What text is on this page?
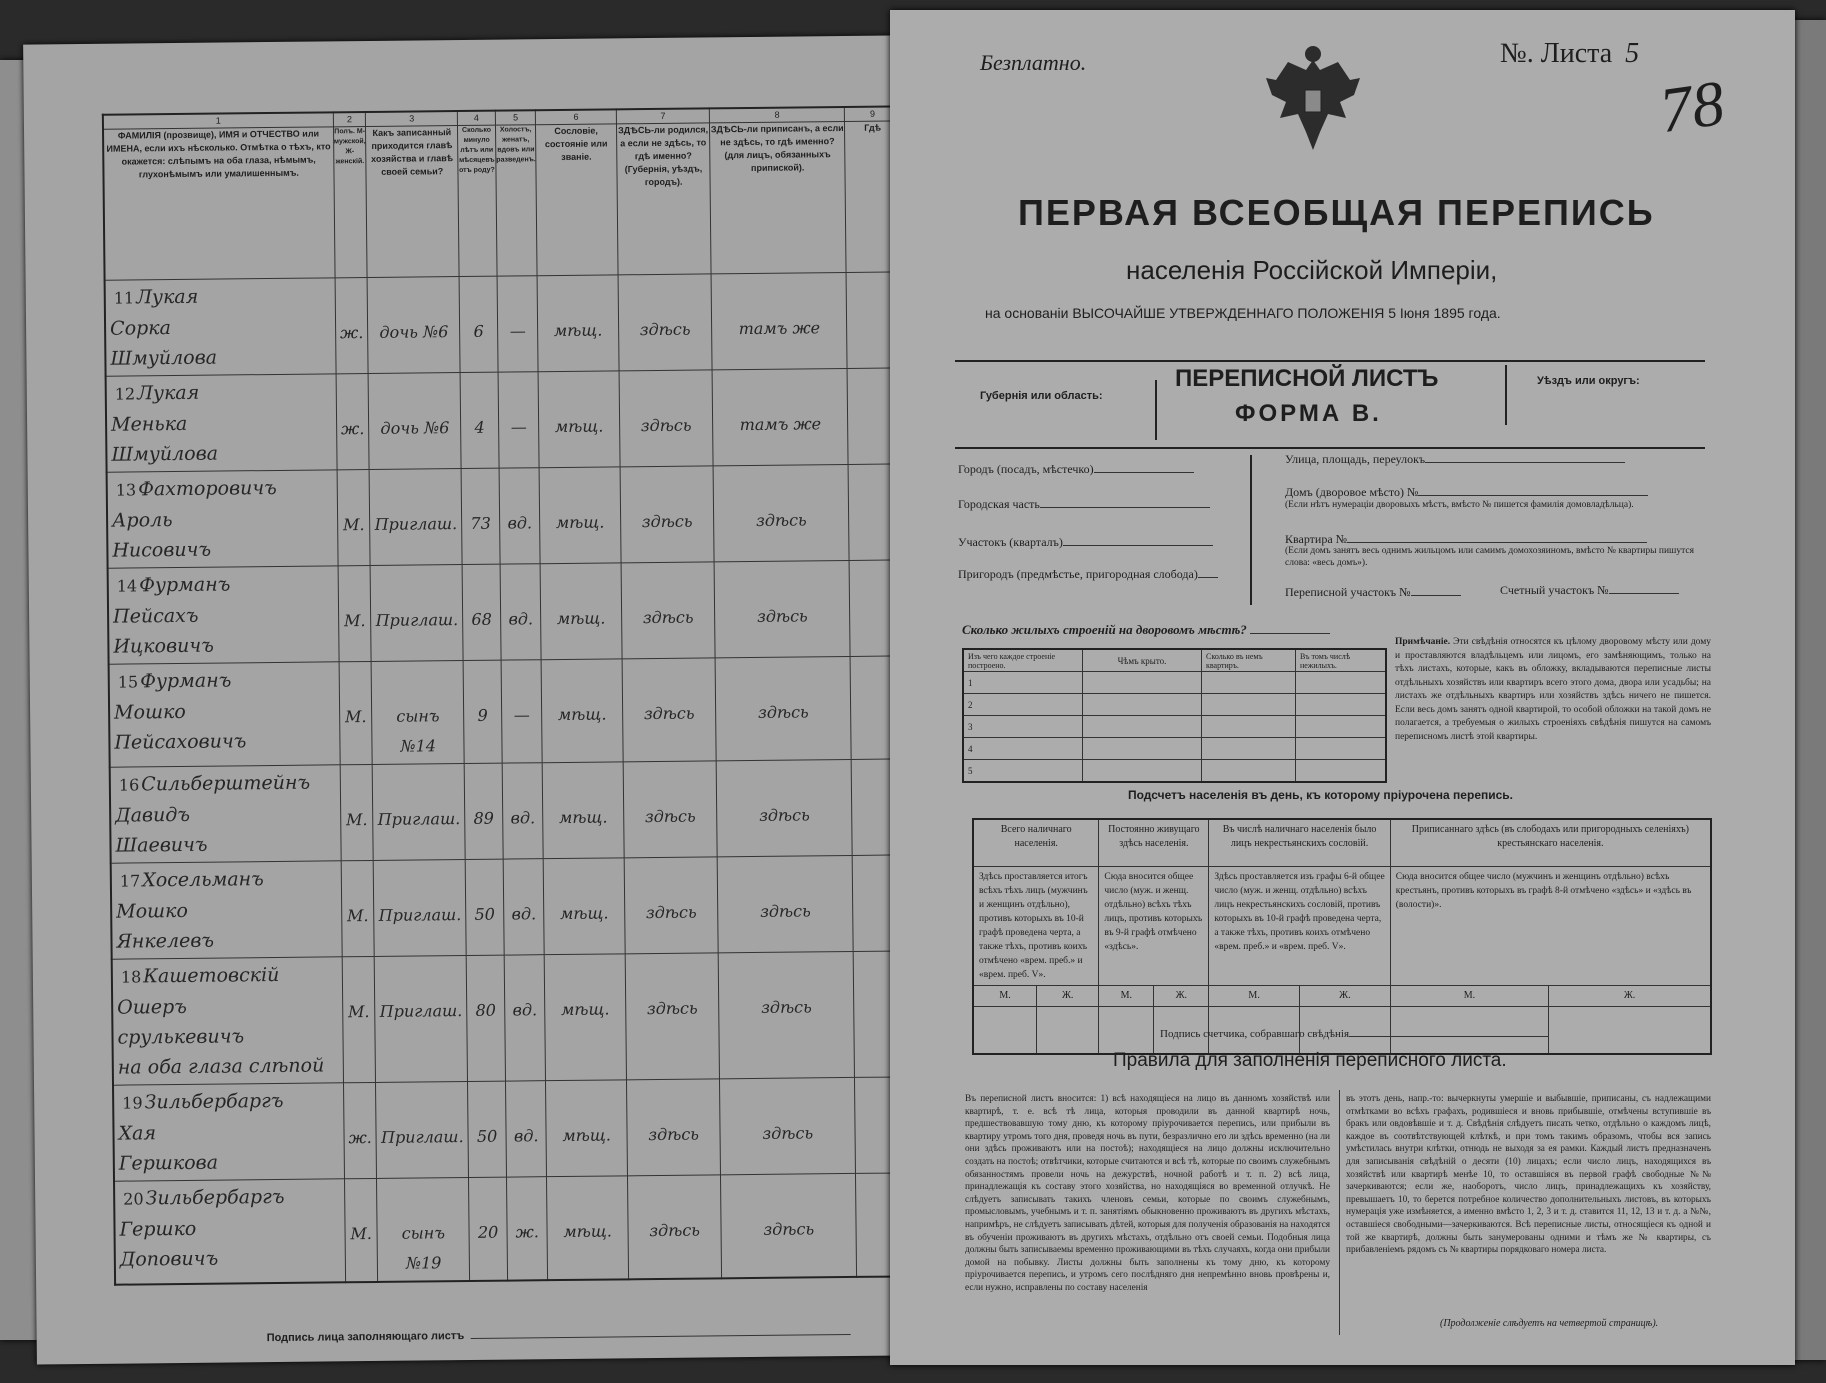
1	2	3	4	5	6	7	8	9
ФАМИЛІЯ (прозвище), ИМЯ и ОТЧЕСТВО или ИМЕНА, если ихъ нѣсколько. Отмѣтка о тѣхъ, кто окажется: слѣпымъ на оба глаза, нѣмымъ, глухонѣмымъ или умалишеннымъ.	Полъ. М-мужской, Ж-женскій.	Какъ записанный приходится главѣ хозяйства и главѣ своей семьи?	Сколько минуло лѣтъ или мѣсяцевъ отъ роду?	Холостъ, женатъ, вдовъ или разведенъ.	Сословіе, состояніе или званіе.	ЗДѢСЬ-ли родился, а если не здѣсь, то гдѣ именно? (Губернія, уѣздъ, городъ).	ЗДѢСЬ-ли приписанъ, а если не здѣсь, то гдѣ именно? (для лицъ, обязанныхъ припиской).	Гдѣ

11Лукая
Сорка
Шмуйлова	ж.	дочь №6	6	—	мѣщ.	здѣсь	тамъ же	

12Лукая
Менька
Шмуйлова	ж.	дочь №6	4	—	мѣщ.	здѣсь	тамъ же	

13Фахторовичъ
Ароль
Нисовичъ	М.	Приглаш.	73	вд.	мѣщ.	здѣсь	здѣсь	

14Фурманъ
Пейсахъ
Ицковичъ	М.	Приглаш.	68	вд.	мѣщ.	здѣсь	здѣсь	

15Фурманъ
Мошко
Пейсаховичъ	М.	сынъ №14	9	—	мѣщ.	здѣсь	здѣсь	

16Сильберштейнъ
Давидъ
Шаевичъ	М.	Приглаш.	89	вд.	мѣщ.	здѣсь	здѣсь	

17Хосельманъ
Мошко
Янкелевъ	М.	Приглаш.	50	вд.	мѣщ.	здѣсь	здѣсь	

18Кашетовскій
Ошеръ
срулькевичъ
на оба глаза слѣпой	М.	Приглаш.	80	вд.	мѣщ.	здѣсь	здѣсь	

19Зильбербаргъ
Хая
Гершкова	ж.	Приглаш.	50	вд.	мѣщ.	здѣсь	здѣсь	

20Зильбербаргъ
Гершко
Доповичъ	М.	сынъ №19	20	ж.	мѣщ.	здѣсь	здѣсь	

Подпись лица заполняющаго листъ
Безплатно.	№. Листа 5
78
ПЕРВАЯ ВСЕОБЩАЯ ПЕРЕПИСЬ
населенія Россійской Имперіи,
на основаніи ВЫСОЧАЙШЕ УТВЕРЖДЕННАГО ПОЛОЖЕНІЯ 5 Іюня 1895 года.
Губернія или область:
ПЕРЕПИСНОЙ ЛИСТЪ
ФОРМА В.
Уѣздъ или округъ:
Городъ (посадъ, мѣстечко)
Городская часть
Участокъ (кварталъ)
Пригородъ (предмѣстье, пригородная слобода)
Улица, площадь, переулокъ
Домъ (дворовое мѣсто) №
(Если нѣтъ нумераціи дворовыхъ мѣстъ, вмѣсто № пишется фамилія домовладѣльца).
Квартира №
(Если домъ занятъ весь однимъ жильцомъ или самимъ домохозяиномъ, вмѣсто № квартиры пишутся слова: «весь домъ»).
Переписной участокъ №	Счетный участокъ №
Сколько жилыхъ строеній на дворовомъ мѣстѣ?
Изъ чего каждое строеніе построено.	Чѣмъ крыто.	Сколько въ немъ квартиръ.	Въ томъ числѣ нежилыхъ.
1			
2			
3			
4			
5			
Примѣчаніе. Эти свѣдѣнія относятся къ цѣлому дворовому мѣсту или дому и проставляются владѣльцемъ или лицомъ, его замѣняющимъ, только на тѣхъ листахъ, которые, какъ въ обложку, вкладываются переписные листы отдѣльныхъ хозяйствъ или квартиръ всего этого дома, двора или усадьбы; на листахъ же отдѣльныхъ квартиръ или хозяйствъ здѣсь ничего не пишется. Если весь домъ занятъ одной квартирой, то особой обложки на такой домъ не полагается, а требуемыя о жилыхъ строеніяхъ свѣдѣнія пишутся на самомъ переписномъ листѣ этой квартиры.
Подсчетъ населенія въ день, къ которому пріурочена перепись.
Всего наличнаго населенія.		Постоянно живущаго здѣсь населенія.		Въ числѣ наличнаго населенія было лицъ некрестьянскихъ сословій.		Приписаннаго здѣсь (въ слободахъ или пригородныхъ селеніяхъ) крестьянскаго населенія.	
Здѣсь проставляется итогъ всѣхъ тѣхъ лицъ (мужчинъ и женщинъ отдѣльно), противъ которыхъ въ 10-й графѣ проведена черта, а также тѣхъ, противъ коихъ отмѣчено «врем. преб.» и «врем. преб. V».		Сюда вносится общее число (муж. и женщ. отдѣльно) всѣхъ тѣхъ лицъ, противъ которыхъ въ 9-й графѣ отмѣчено «здѣсь».		Здѣсь проставляется изъ графы 6-й общее число (муж. и женщ. отдѣльно) всѣхъ лицъ некрестьянскихъ сословій, противъ которыхъ въ 10-й графѣ проведена черта, а также тѣхъ, противъ коихъ отмѣчено «врем. преб.» и «врем. преб. V».		Сюда вносится общее число (мужчинъ и женщинъ отдѣльно) всѣхъ крестьянъ, противъ которыхъ въ графѣ 8-й отмѣчено «здѣсь» и «здѣсь въ (волости)».	
М.	Ж.	М.	Ж.	М.	Ж.	М.	Ж.

Подпись счетчика, собравшаго свѣдѣнія
Правила для заполненія переписного листа.
Въ переписной листъ вносится: 1) всѣ находящіеся на лицо въ данномъ хозяйствѣ или квартирѣ, т. е. всѣ тѣ лица, которыя проводили въ данной квартирѣ ночь, предшествовавшую тому дню, къ которому пріурочивается перепись, или прибыли въ квартиру утромъ того дня, проведя ночь въ пути, безразлично его ли здѣсь временно (на ли они здѣсь проживаютъ или на постоѣ); находящіеся на лицо должны исключительно создать на постоѣ; отвѣтчики, которые считаются и всѣ тѣ, которые по своимъ служебнымъ обязанностямъ провели ночь на дежурствѣ, ночной работѣ и т. п. 2) всѣ лица, принадлежащія къ составу этого хозяйства, но находящіяся во временной отлучкѣ. Не слѣдуетъ записывать такихъ членовъ семьи, которые по своимъ служебнымъ, промысловымъ, учебнымъ и т. п. занятіямъ обыкновенно проживаютъ въ другихъ мѣстахъ, напримѣръ, не слѣдуетъ записывать дѣтей, которыя для полученія образованія на находятся въ обученіи проживаютъ въ другихъ мѣстахъ, отдѣльно отъ своей семьи. Подобныя лица должны быть записываемы временно проживающими въ тѣхъ случаяхъ, когда они прибыли домой на побывку. Листы должны быть заполнены къ тому дню, къ которому пріурочивается перепись, и утромъ сего послѣдняго дня непремѣнно вновь провѣрены и, если нужно, исправлены по составу населенія
въ этотъ день, напр.-то: вычеркнуты умершіе и выбывшіе, приписаны, съ надлежащими отмѣтками во всѣхъ графахъ, родившіеся и вновь прибывшіе, отмѣчены вступившіе въ бракъ или овдовѣвшіе и т. д. Свѣдѣнія слѣдуетъ писать четко, отдѣльно о каждомъ лицѣ, каждое въ соотвѣтствующей клѣткѣ, и при томъ такимъ образомъ, чтобы вся запись умѣстилась внутри клѣтки, отнюдь не выходя за ея рамки. Каждый листъ предназначенъ для записыванія свѣдѣній о десяти (10) лицахъ; если число лицъ, находящихся въ хозяйствѣ или квартирѣ менѣе 10, то оставшіяся въ первой графѣ свободные №№ зачеркиваются; если же, наоборотъ, число лицъ, принадлежащихъ къ хозяйству, превышаетъ 10, то берется потребное количество дополнительныхъ листовъ, въ которыхъ нумерація уже измѣняется, а именно вмѣсто 1, 2, 3 и т. д. ставится 11, 12, 13 и т. д. а №№, оставшіеся свободными—зачеркиваются. Всѣ переписные листы, относящіеся къ одной и той же квартирѣ, должны быть занумерованы одними и тѣмъ же № квартиры, съ прибавленіемъ рядомъ съ № квартиры порядковаго номера листа.
(Продолженіе слѣдуетъ на четвертой страницѣ).
